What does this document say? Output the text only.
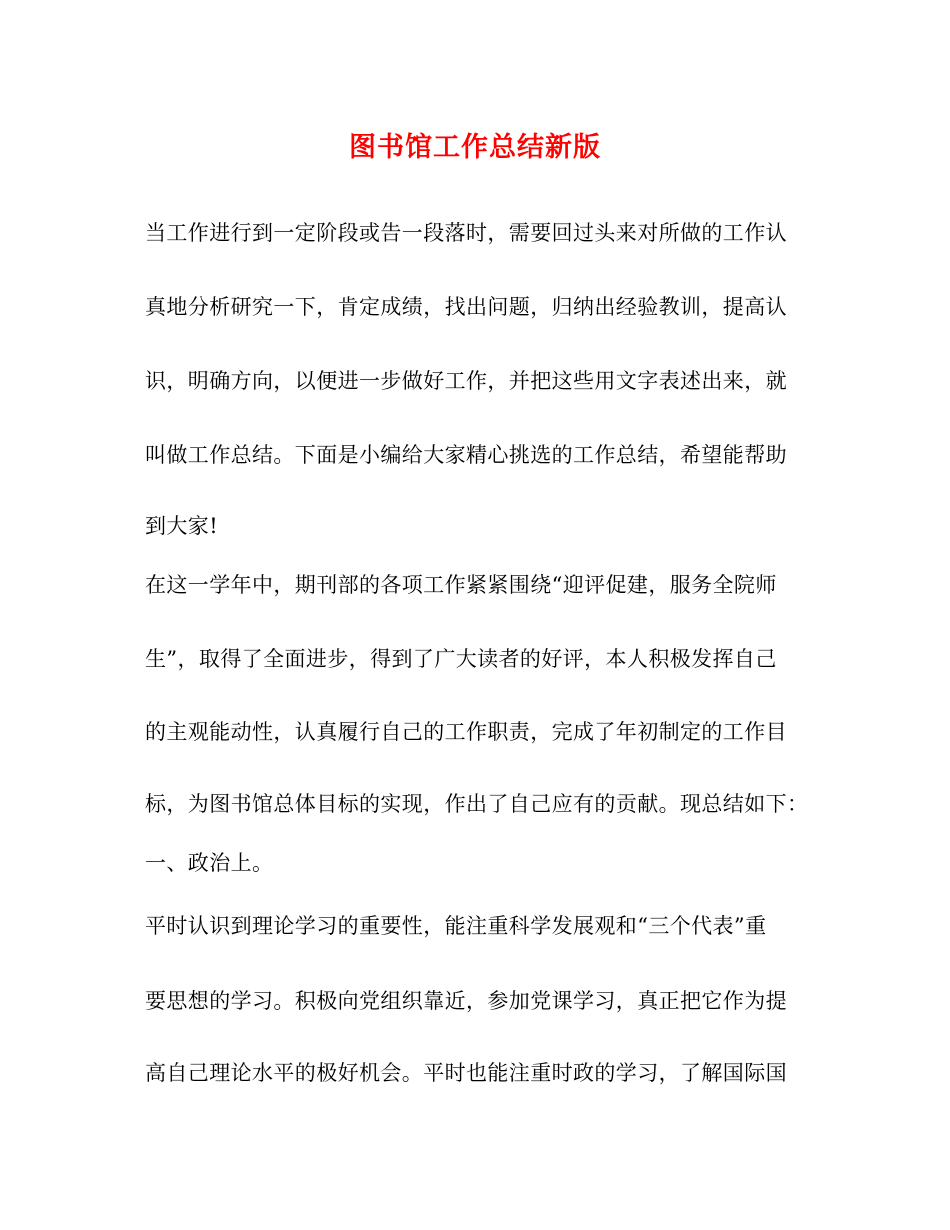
图书馆工作总结新版
当工作进行到一定阶段或告一段落时，需要回过头来对所做的工作认
真地分析研究一下，肯定成绩，找出问题，归纳出经验教训，提高认
识，明确方向，以便进一步做好工作，并把这些用文字表述出来，就
叫做工作总结。下面是小编给大家精心挑选的工作总结，希望能帮助
到大家!
在这一学年中，期刊部的各项工作紧紧围绕“迎评促建，服务全院师
生”，取得了全面进步，得到了广大读者的好评，本人积极发挥自己
的主观能动性，认真履行自己的工作职责，完成了年初制定的工作目
标，为图书馆总体目标的实现，作出了自己应有的贡献。现总结如下：
一、政治上。
平时认识到理论学习的重要性，能注重科学发展观和“三个代表”重
要思想的学习。积极向党组织靠近，参加党课学习，真正把它作为提
高自己理论水平的极好机会。平时也能注重时政的学习，了解国际国
